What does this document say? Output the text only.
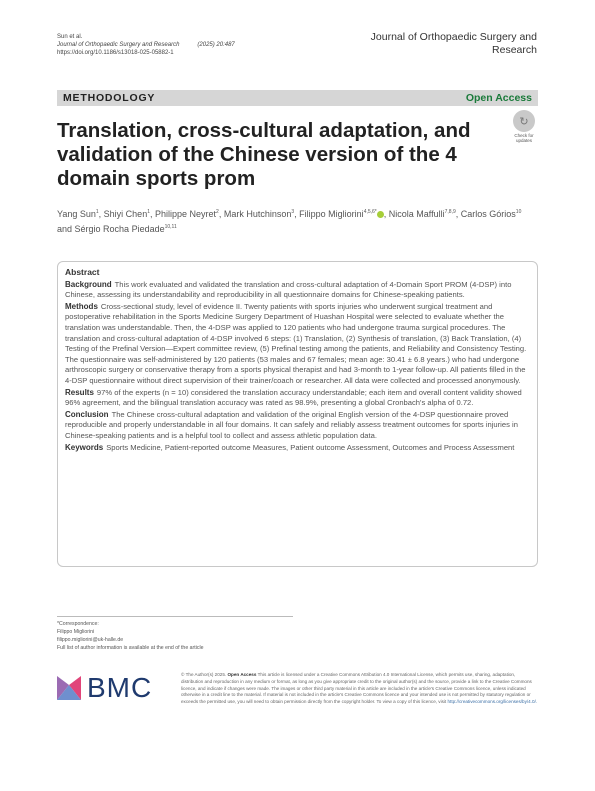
Sun et al.
Journal of Orthopaedic Surgery and Research	(2025) 20:487
https://doi.org/10.1186/s13018-025-05882-1
Journal of Orthopaedic Surgery and Research
METHODOLOGY	Open Access
Translation, cross-cultural adaptation, and validation of the Chinese version of the 4 domain sports prom
↻
Check for updates
Yang Sun$^1$, Shiyi Chen$^1$, Philippe Neyret$^2$, Mark Hutchinson$^3$, Filippo Migliorini$^{4,5,6*}$ , Nicola Maffulli$^{7,8,9}$, Carlos Górios$^{10}$ and Sérgio Rocha Piedade$^{10,11}$
Abstract

Background This work evaluated and validated the translation and cross-cultural adaptation of 4-Domain Sport PROM (4-DSP) into Chinese, assessing its understandability and reproducibility in all questionnaire domains for Chinese-speaking patients.

Methods Cross-sectional study, level of evidence II. Twenty patients with sports injuries who underwent surgical treatment and postoperative rehabilitation in the Sports Medicine Surgery Department of Huashan Hospital were selected to evaluate whether the translation was understandable. Then, the 4-DSP was applied to 120 patients who had undergone trauma surgical procedures. The translation and cross-cultural adaptation of 4-DSP involved 6 steps: (1) Translation, (2) Synthesis of translation, (3) Back Translation, (4) Testing of the Prefinal Version—Expert committee review, (5) Prefinal testing among the patients, and Reliability and Consistency Testing. The questionnaire was self-administered by 120 patients (53 males and 67 females; mean age: 30.41 ± 6.8 years.) who had undergone arthroscopic surgery or conservative therapy from a sports physical therapist and had 3-month to 1-year follow-up. All patients filled in the 4-DSP questionnaire without direct supervision of their trainer/coach or researcher. All data were collected and processed anonymously.

Results 97% of the experts (n = 10) considered the translation accuracy understandable; each item and overall content validity showed 96% agreement, and the bilingual translation accuracy was rated as 98.9%, presenting a global Cronbach's alpha of 0.72.

Conclusion The Chinese cross-cultural adaptation and validation of the original English version of the 4-DSP questionnaire proved reproducible and properly understandable in all four domains. It can safely and reliably assess treatment outcomes for sports injuries in Chinese-speaking patients and is a helpful tool to collect and assess athletic population data.

Keywords Sports Medicine, Patient-reported outcome Measures, Patient outcome Assessment, Outcomes and Process Assessment

*Correspondence:
Filippo Migliorini
filippo.migliorini@uk-halle.de
Full list of author information is available at the end of the article
BMC	© The Author(s) 2025. Open Access This article is licensed under a Creative Commons Attribution 4.0 International License, which permits use, sharing, adaptation, distribution and reproduction in any medium or format, as long as you give appropriate credit to the original author(s) and the source, provide a link to the Creative Commons licence, and indicate if changes were made. The images or other third party material in this article are included in the article's Creative Commons licence, unless indicated otherwise in a credit line to the material. If material is not included in the article's Creative Commons licence and your intended use is not permitted by statutory regulation or exceeds the permitted use, you will need to obtain permission directly from the copyright holder. To view a copy of this licence, visit http://creativecommons.org/licenses/by/4.0/.
